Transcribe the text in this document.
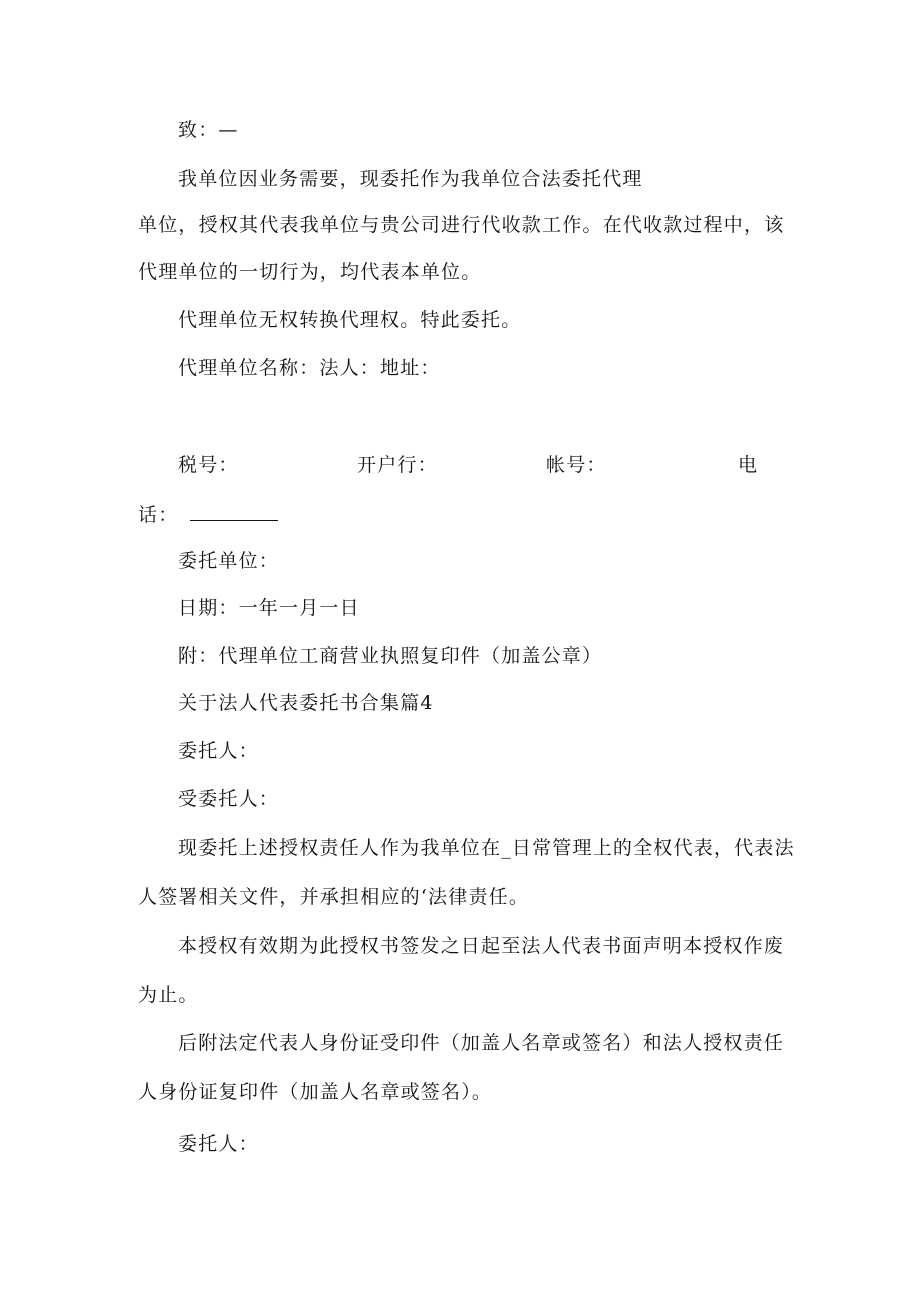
致：—
我单位因业务需要，现委托作为我单位合法委托代理
单位，授权其代表我单位与贵公司进行代收款工作。在代收款过程中，该
代理单位的一切行为，均代表本单位。
代理单位无权转换代理权。特此委托。
代理单位名称：法人：地址：
税号：	开户行：	帐号：	电
话：
委托单位：
日期：一年一月一日
附：代理单位工商营业执照复印件（加盖公章）
关于法人代表委托书合集篇4
委托人：
受委托人：
现委托上述授权责任人作为我单位在_日常管理上的全权代表，代表法
人签署相关文件，并承担相应的‘法律责任。
本授权有效期为此授权书签发之日起至法人代表书面声明本授权作废
为止。
后附法定代表人身份证受印件（加盖人名章或签名）和法人授权责任
人身份证复印件（加盖人名章或签名）。
委托人：
